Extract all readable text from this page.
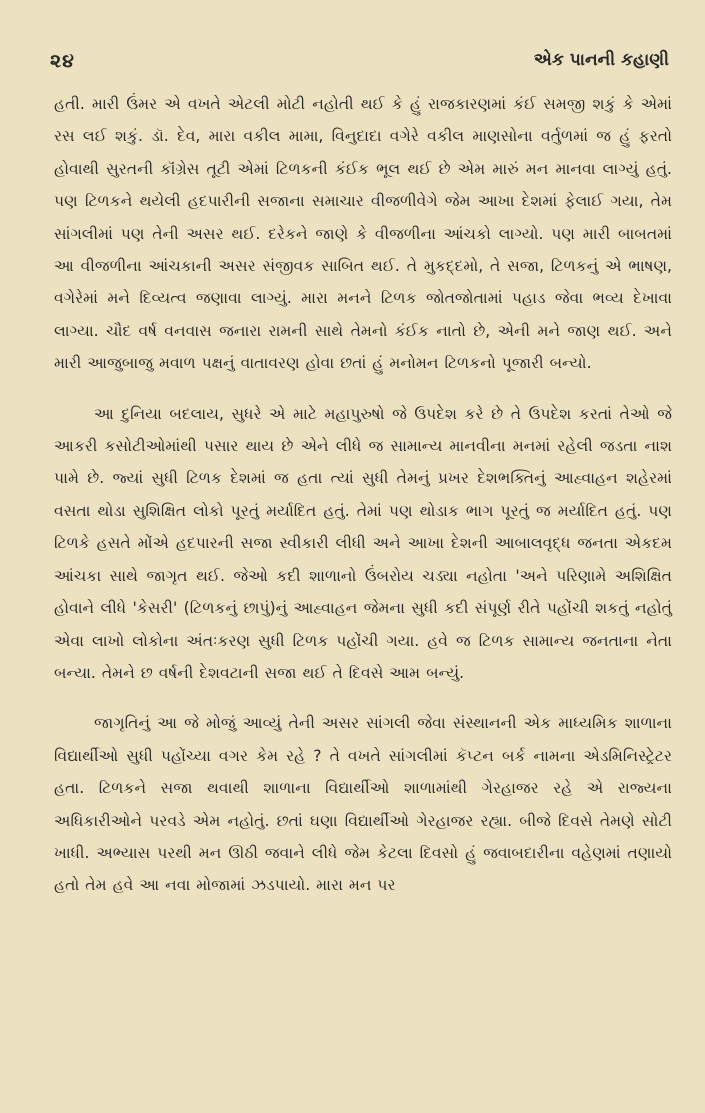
૨૪	એક પાનની કહાણી

હતી. મારી ઉંમર એ વખતે એટલી મોટી નહોતી થઈ કે હું રાજકારણમાં કંઈ સમજી શકું કે એમાં રસ લઈ શકું. ડૉ. દેવ, મારા વકીલ મામા, વિનુદાદા વગેરે વકીલ માણસોના વર્તુળમાં જ હું ફરતો હોવાથી સુરતની કૉંગ્રેસ તૂટી એમાં ટિળકની કંઈક ભૂલ થઈ છે એમ મારું મન માનવા લાગ્યું હતું. પણ ટિળકને થયેલી હદપારીની સજાના સમાચાર વીજળીવેગે જેમ આખા દેશમાં ફેલાઈ ગયા, તેમ સાંગલીમાં પણ તેની અસર થઈ. દરેકને જાણે કે વીજળીના આંચકો લાગ્યો. પણ મારી બાબતમાં આ વીજળીના આંચકાની અસર સંજીવક સાબિત થઈ. તે મુકદ્દમો, તે સજા, ટિળકનું એ ભાષણ, વગેરેમાં મને દિવ્યત્વ જણાવા લાગ્યું. મારા મનને ટિળક જોતજોતામાં પહાડ જેવા ભવ્ય દેખાવા લાગ્યા. ચૌદ વર્ષ વનવાસ જનારા રામની સાથે તેમનો કંઈક નાતો છે, એની મને જાણ થઈ. અને મારી આજુબાજુ મવાળ પક્ષનું વાતાવરણ હોવા છતાં હું મનોમન ટિળકનો પૂજારી બન્યો.

આ દુનિયા બદલાય, સુધરે એ માટે મહાપુરુષો જે ઉપદેશ કરે છે તે ઉપદેશ કરતાં તેઓ જે આકરી કસોટીઓમાંથી પસાર થાય છે એને લીધે જ સામાન્ય માનવીના મનમાં રહેલી જડતા નાશ પામે છે. જ્યાં સુધી ટિળક દેશમાં જ હતા ત્યાં સુધી તેમનું પ્રખર દેશભક્તિનું આહ્વાહન શહેરમાં વસતા થોડા સુશિક્ષિત લોકો પૂરતું મર્યાદિત હતું. તેમાં પણ થોડાક ભાગ પૂરતું જ મર્યાદિત હતું. પણ ટિળકે હસતે મોંએ હદપારની સજા સ્વીકારી લીધી અને આખા દેશની આબાલવૃદ્ધ જનતા એકદમ આંચકા સાથે જાગૃત થઈ. જેઓ કદી શાળાનો ઉંબરોય ચડ્યા નહોતા 'અને પરિણામે અશિક્ષિત હોવાને લીધે 'કેસરી' (ટિળકનું છાપું)નું આહ્વાહન જેમના સુધી કદી સંપૂર્ણ રીતે પહોંચી શકતું નહોતું એવા લાખો લોકોના અંતઃકરણ સુધી ટિળક પહોંચી ગયા. હવે જ ટિળક સામાન્ય જનતાના નેતા બન્યા. તેમને છ વર્ષની દેશવટાની સજા થઈ તે દિવસે આમ બન્યું.

જાગૃતિનું આ જે મોજું આવ્યું તેની અસર સાંગલી જેવા સંસ્થાનની એક માધ્યમિક શાળાના વિદ્યાર્થીઓ સુધી પહોંચ્યા વગર કેમ રહે ? તે વખતે સાંગલીમાં કૅપ્ટન બર્ક નામના એડમિનિસ્ટ્રેટર હતા. ટિળકને સજા થવાથી શાળાના વિદ્યાર્થીઓ શાળામાંથી ગેરહાજર રહે એ રાજ્યના અધિકારીઓને પરવડે એમ નહોતું. છતાં ઘણા વિદ્યાર્થીઓ ગેરહાજર રહ્યા. બીજે દિવસે તેમણે સોટી ખાધી. અભ્યાસ પરથી મન ઊઠી જવાને લીધે જેમ કેટલા દિવસો હું જવાબદારીના વહેણમાં તણાયો હતો તેમ હવે આ નવા મોજામાં ઝડપાયો. મારા મન પર
